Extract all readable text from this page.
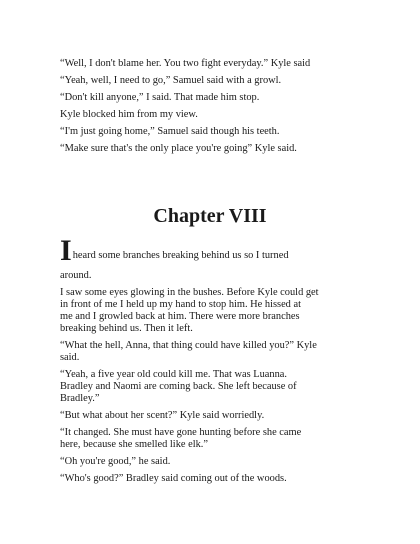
“Well, I don't blame her. You two fight everyday.” Kyle said

“Yeah, well, I need to go,” Samuel said with a growl.

“Don't kill anyone,” I said. That made him stop.

Kyle blocked him from my view.

“I'm just going home,” Samuel said though his teeth.

“Make sure that's the only place you're going” Kyle said.

Chapter VIII

Iheard some branches breaking behind us so I turned

around.

I saw some eyes glowing in the bushes. Before Kyle could get
in front of me I held up my hand to stop him. He hissed at
me and I growled back at him. There were more branches
breaking behind us. Then it left.
“What the hell, Anna, that thing could have killed you?” Kyle
said.
“Yeah, a five year old could kill me. That was Luanna.
Bradley and Naomi are coming back. She left because of
Bradley.”
“But what about her scent?” Kyle said worriedly.
“It changed. She must have gone hunting before she came
here, because she smelled like elk.”
“Oh you're good,” he said.
“Who's good?” Bradley said coming out of the woods.
